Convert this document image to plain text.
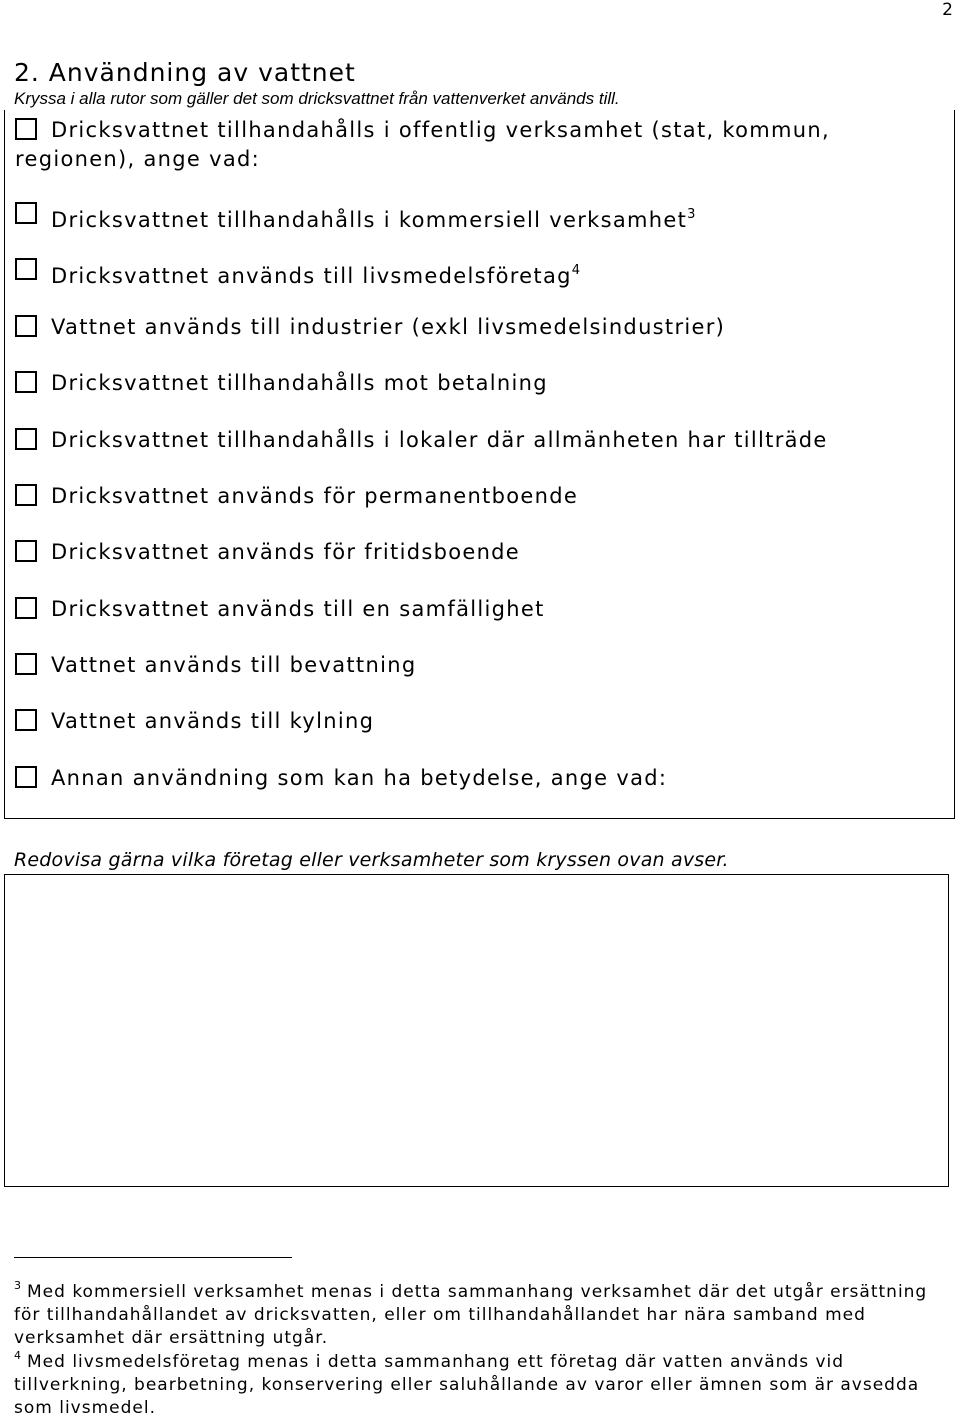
2
2. Användning av vattnet

Kryssa i alla rutor som gäller det som dricksvattnet från vattenverket används till.

Dricksvattnet tillhandahålls i offentlig verksamhet (stat, kommun,
regionen), ange vad:
Dricksvattnet tillhandahålls i kommersiell verksamhet$^3$
Dricksvattnet används till livsmedelsföretag$^4$
Vattnet används till industrier (exkl livsmedelsindustrier)
Dricksvattnet tillhandahålls mot betalning
Dricksvattnet tillhandahålls i lokaler där allmänheten har tillträde
Dricksvattnet används för permanentboende
Dricksvattnet används för fritidsboende
Dricksvattnet används till en samfällighet
Vattnet används till bevattning
Vattnet används till kylning
Annan användning som kan ha betydelse, ange vad:

Redovisa gärna vilka företag eller verksamheter som kryssen ovan avser.

$^3$ Med kommersiell verksamhet menas i detta sammanhang verksamhet där det utgår ersättning för tillhandahållandet av dricksvatten, eller om tillhandahållandet har nära samband med verksamhet där ersättning utgår.

$^4$ Med livsmedelsföretag menas i detta sammanhang ett företag där vatten används vid tillverkning, bearbetning, konservering eller saluhållande av varor eller ämnen som är avsedda som livsmedel.
